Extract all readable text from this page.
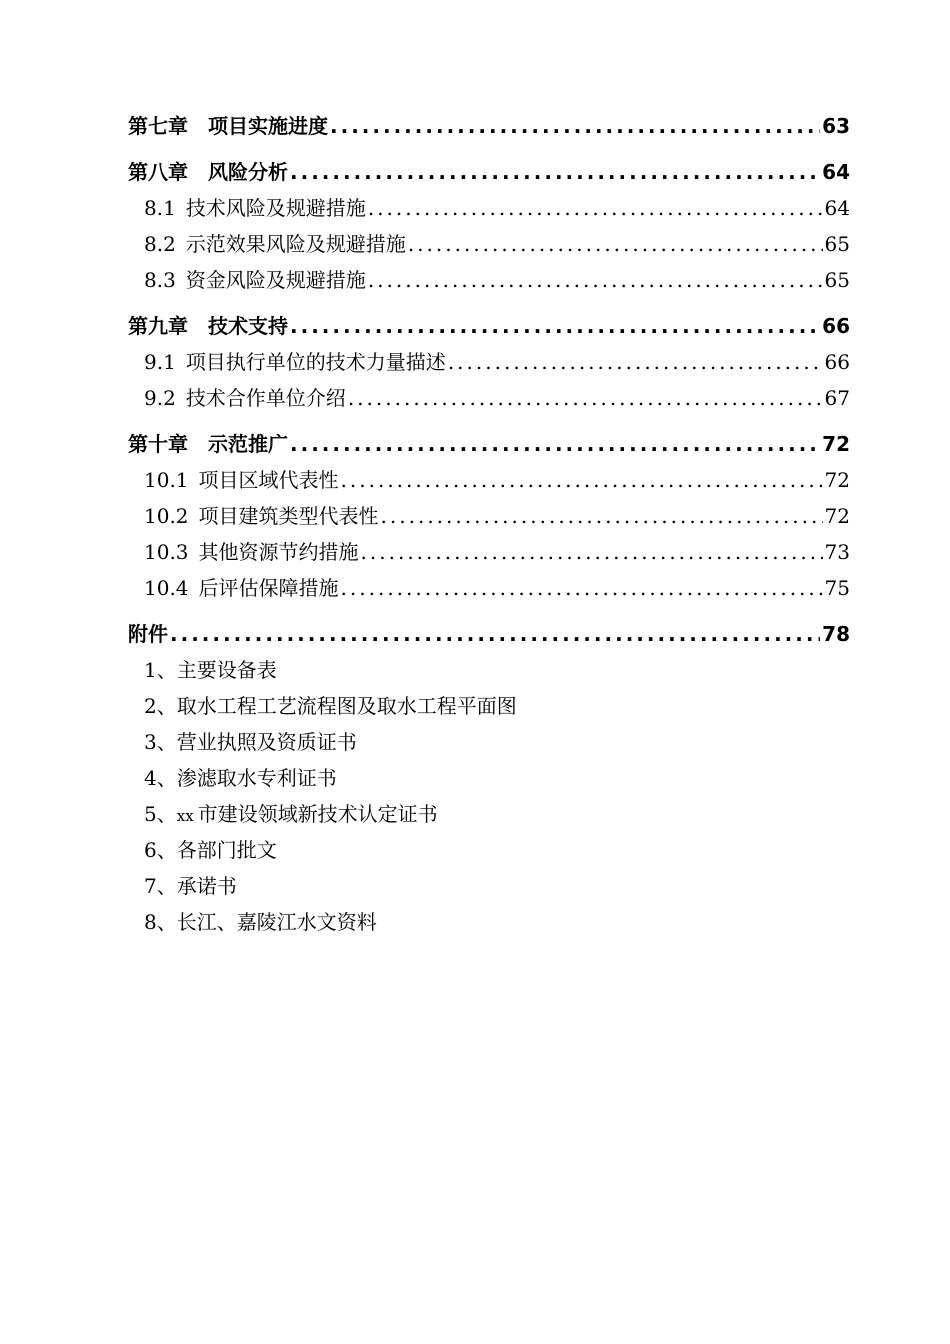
第七章　项目实施进度 .....	63
第八章　风险分析 .....	64
8.1 技术风险及规避措施 .....	64
8.2 示范效果风险及规避措施 .....	65
8.3 资金风险及规避措施 .....	65
第九章　技术支持 .....	66
9.1 项目执行单位的技术力量描述 .....	66
9.2 技术合作单位介绍 .....	67
第十章　示范推广 .....	72
10.1 项目区域代表性 .....	72
10.2 项目建筑类型代表性 .....	72
10.3 其他资源节约措施 .....	73
10.4 后评估保障措施 .....	75
附件 .....	78
1、主要设备表
2、取水工程工艺流程图及取水工程平面图
3、营业执照及资质证书
4、渗滤取水专利证书
5、xx 市建设领域新技术认定证书
6、各部门批文
7、承诺书
8、长江、嘉陵江水文资料
